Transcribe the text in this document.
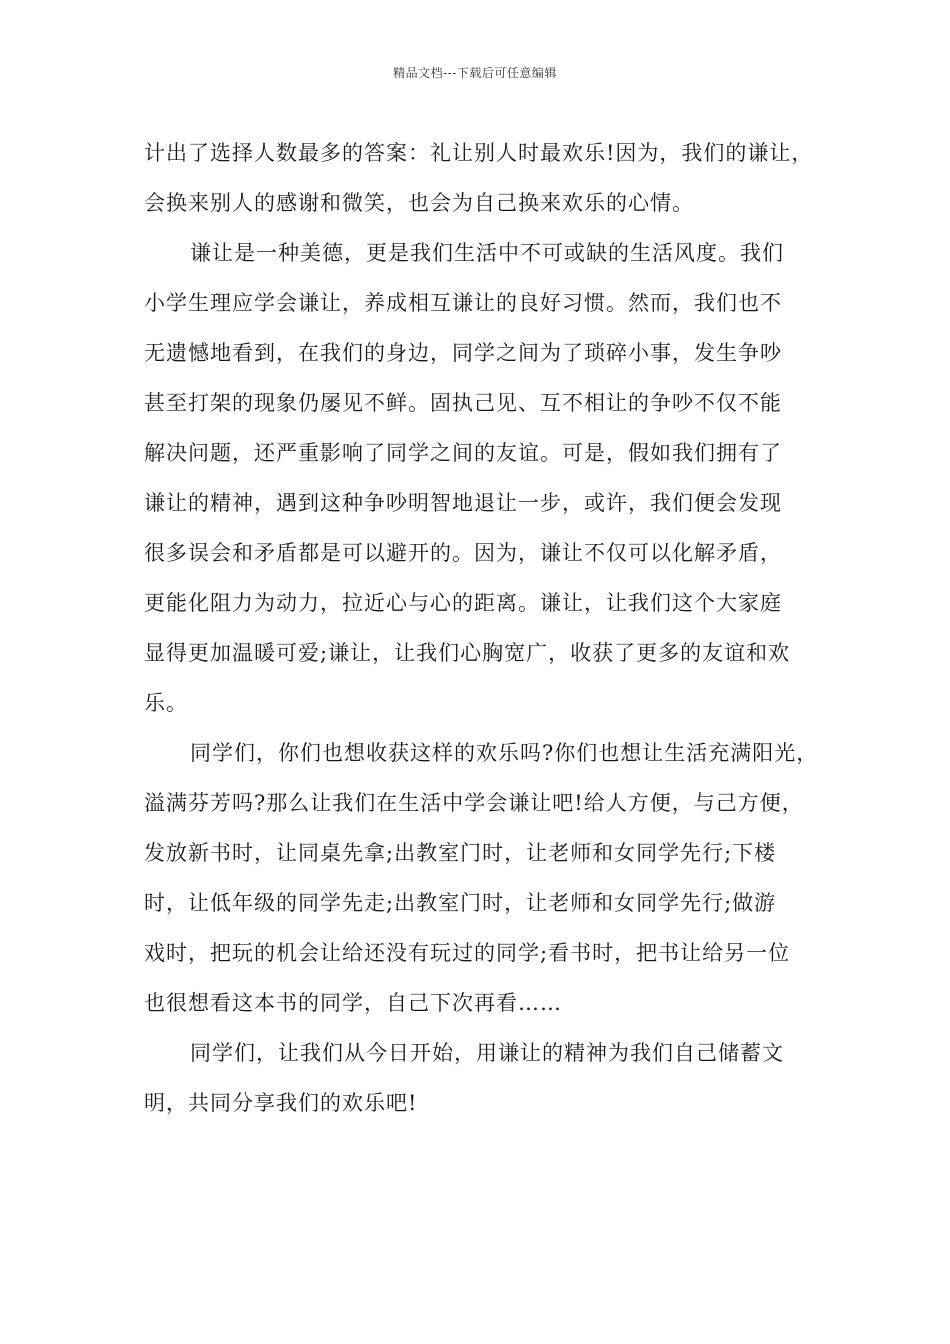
精品文档---下载后可任意编辑
计出了选择人数最多的答案：礼让别人时最欢乐!因为，我们的谦让，
会换来别人的感谢和微笑，也会为自己换来欢乐的心情。
谦让是一种美德，更是我们生活中不可或缺的生活风度。我们
小学生理应学会谦让，养成相互谦让的良好习惯。然而，我们也不
无遗憾地看到，在我们的身边，同学之间为了琐碎小事，发生争吵
甚至打架的现象仍屡见不鲜。固执己见、互不相让的争吵不仅不能
解决问题，还严重影响了同学之间的友谊。可是，假如我们拥有了
谦让的精神，遇到这种争吵明智地退让一步，或许，我们便会发现
很多误会和矛盾都是可以避开的。因为，谦让不仅可以化解矛盾，
更能化阻力为动力，拉近心与心的距离。谦让，让我们这个大家庭
显得更加温暖可爱;谦让，让我们心胸宽广，收获了更多的友谊和欢
乐。
同学们，你们也想收获这样的欢乐吗?你们也想让生活充满阳光，
溢满芬芳吗?那么让我们在生活中学会谦让吧!给人方便，与己方便，
发放新书时，让同桌先拿;出教室门时，让老师和女同学先行;下楼
时，让低年级的同学先走;出教室门时，让老师和女同学先行;做游
戏时，把玩的机会让给还没有玩过的同学;看书时，把书让给另一位
也很想看这本书的同学，自己下次再看……
同学们，让我们从今日开始，用谦让的精神为我们自己储蓄文
明，共同分享我们的欢乐吧!
